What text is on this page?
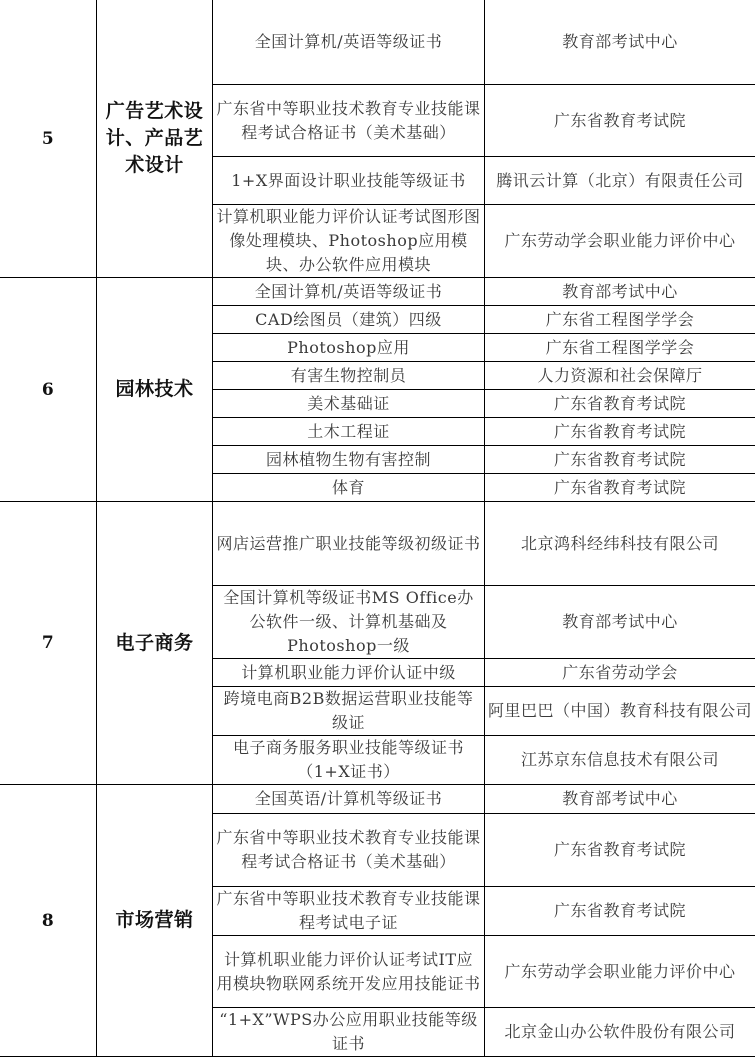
5	广告艺术设计、产品艺术设计	全国计算机/英语等级证书	教育部考试中心
广东省中等职业技术教育专业技能课程考试合格证书（美术基础）	广东省教育考试院
1+X界面设计职业技能等级证书	腾讯云计算（北京）有限责任公司
计算机职业能力评价认证考试图形图像处理模块、Photoshop应用模块、办公软件应用模块	广东劳动学会职业能力评价中心
6	园林技术	全国计算机/英语等级证书	教育部考试中心
CAD绘图员（建筑）四级	广东省工程图学学会
Photoshop应用	广东省工程图学学会
有害生物控制员	人力资源和社会保障厅
美术基础证	广东省教育考试院
土木工程证	广东省教育考试院
园林植物生物有害控制	广东省教育考试院
体育	广东省教育考试院
7	电子商务	网店运营推广职业技能等级初级证书	北京鸿科经纬科技有限公司
全国计算机等级证书MS Office办公软件一级、计算机基础及Photoshop一级	教育部考试中心
计算机职业能力评价认证中级	广东省劳动学会
跨境电商B2B数据运营职业技能等级证	阿里巴巴（中国）教育科技有限公司
电子商务服务职业技能等级证书（1+X证书）	江苏京东信息技术有限公司
8	市场营销	全国英语/计算机等级证书	教育部考试中心
广东省中等职业技术教育专业技能课程考试合格证书（美术基础）	广东省教育考试院
广东省中等职业技术教育专业技能课程考试电子证	广东省教育考试院
计算机职业能力评价认证考试IT应用模块物联网系统开发应用技能证书	广东劳动学会职业能力评价中心
“1+X”WPS办公应用职业技能等级证书	北京金山办公软件股份有限公司
